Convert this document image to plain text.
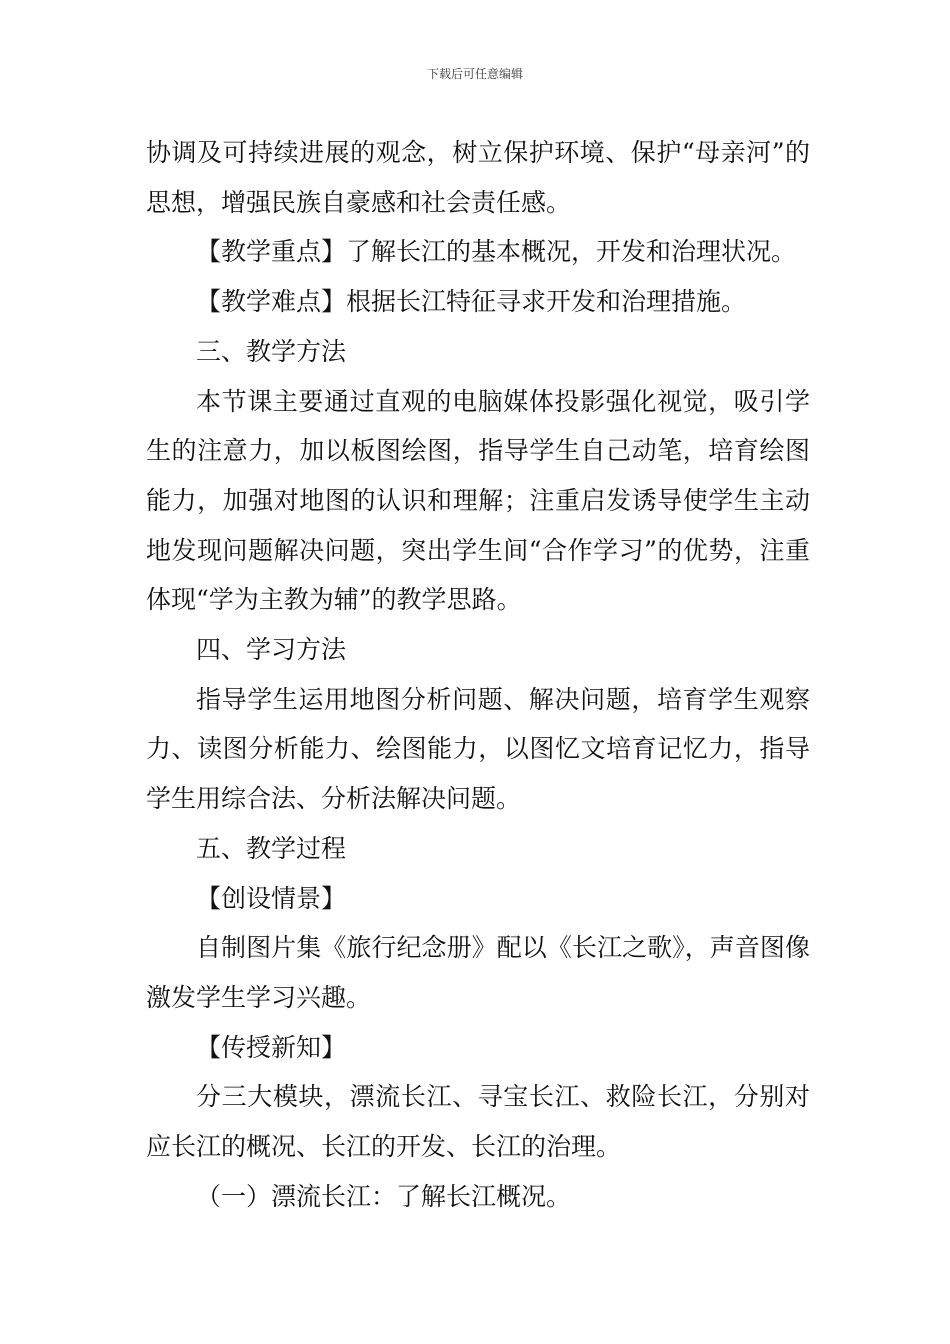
下载后可任意编辑

协调及可持续进展的观念，树立保护环境、保护“母亲河”的思想，增强民族自豪感和社会责任感。

【教学重点】了解长江的基本概况，开发和治理状况。

【教学难点】根据长江特征寻求开发和治理措施。

三、教学方法

本节课主要通过直观的电脑媒体投影强化视觉，吸引学生的注意力，加以板图绘图，指导学生自己动笔，培育绘图能力，加强对地图的认识和理解；注重启发诱导使学生主动地发现问题解决问题，突出学生间“合作学习”的优势，注重体现“学为主教为辅”的教学思路。

四、学习方法

指导学生运用地图分析问题、解决问题，培育学生观察力、读图分析能力、绘图能力，以图忆文培育记忆力，指导学生用综合法、分析法解决问题。

五、教学过程

【创设情景】

自制图片集《旅行纪念册》配以《长江之歌》，声音图像激发学生学习兴趣。

【传授新知】

分三大模块，漂流长江、寻宝长江、救险长江，分别对应长江的概况、长江的开发、长江的治理。

（一）漂流长江：了解长江概况。
